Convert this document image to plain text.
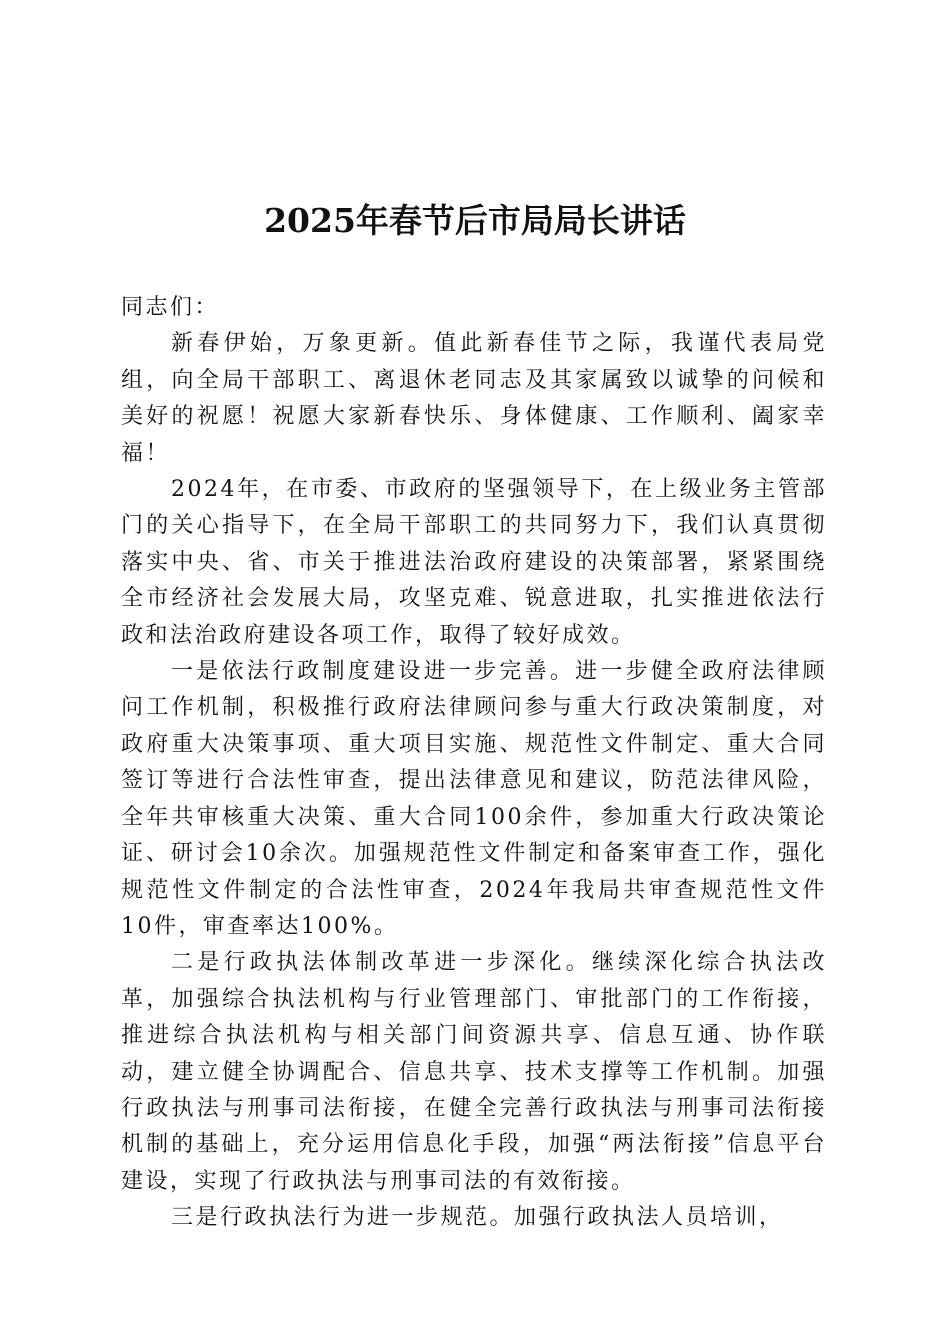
2025年春节后市局局长讲话

同志们：

新春伊始，万象更新。值此新春佳节之际，我谨代表局党组，向全局干部职工、离退休老同志及其家属致以诚挚的问候和美好的祝愿！祝愿大家新春快乐、身体健康、工作顺利、阖家幸福！

2024年，在市委、市政府的坚强领导下，在上级业务主管部门的关心指导下，在全局干部职工的共同努力下，我们认真贯彻落实中央、省、市关于推进法治政府建设的决策部署，紧紧围绕全市经济社会发展大局，攻坚克难、锐意进取，扎实推进依法行政和法治政府建设各项工作，取得了较好成效。

一是依法行政制度建设进一步完善。进一步健全政府法律顾问工作机制，积极推行政府法律顾问参与重大行政决策制度，对政府重大决策事项、重大项目实施、规范性文件制定、重大合同签订等进行合法性审查，提出法律意见和建议，防范法律风险，全年共审核重大决策、重大合同100余件，参加重大行政决策论证、研讨会10余次。加强规范性文件制定和备案审查工作，强化规范性文件制定的合法性审查，2024年我局共审查规范性文件10件，审查率达100%。

二是行政执法体制改革进一步深化。继续深化综合执法改革，加强综合执法机构与行业管理部门、审批部门的工作衔接，推进综合执法机构与相关部门间资源共享、信息互通、协作联动，建立健全协调配合、信息共享、技术支撑等工作机制。加强行政执法与刑事司法衔接，在健全完善行政执法与刑事司法衔接机制的基础上，充分运用信息化手段，加强“两法衔接”信息平台建设，实现了行政执法与刑事司法的有效衔接。

三是行政执法行为进一步规范。加强行政执法人员培训，
